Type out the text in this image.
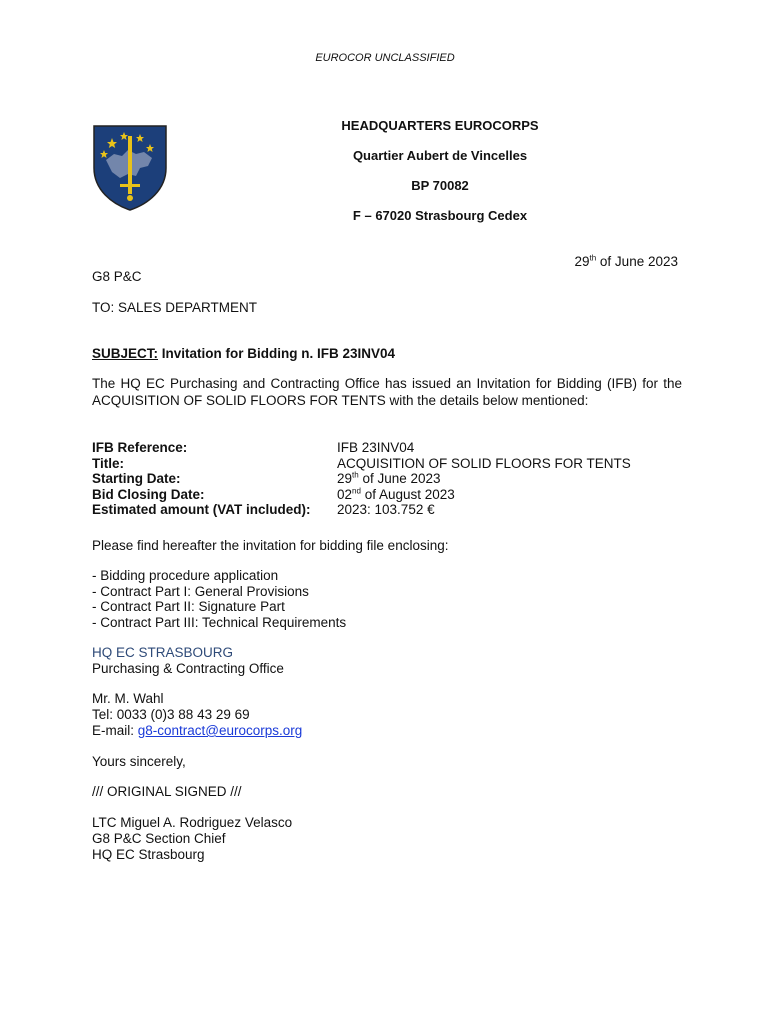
EUROCOR UNCLASSIFIED
HEADQUARTERS EUROCORPS
Quartier Aubert de Vincelles
BP 70082
F – 67020 Strasbourg Cedex
29th of June 2023
G8 P&C
TO: SALES DEPARTMENT
SUBJECT: Invitation for Bidding n. IFB 23INV04
The HQ EC Purchasing and Contracting Office has issued an Invitation for Bidding (IFB) for the ACQUISITION OF SOLID FLOORS FOR TENTS with the details below mentioned:
IFB Reference:	IFB 23INV04
Title:	ACQUISITION OF SOLID FLOORS FOR TENTS
Starting Date:	29th of June 2023
Bid Closing Date:	02nd of August 2023
Estimated amount (VAT included):	2023: 103.752 €
Please find hereafter the invitation for bidding file enclosing:
- Bidding procedure application
- Contract Part I: General Provisions
- Contract Part II: Signature Part
- Contract Part III: Technical Requirements
HQ EC STRASBOURG
Purchasing & Contracting Office
Mr. M. Wahl
Tel: 0033 (0)3 88 43 29 69
E-mail: g8-contract@eurocorps.org
Yours sincerely,
/// ORIGINAL SIGNED ///
LTC Miguel A. Rodriguez Velasco
G8 P&C Section Chief
HQ EC Strasbourg
